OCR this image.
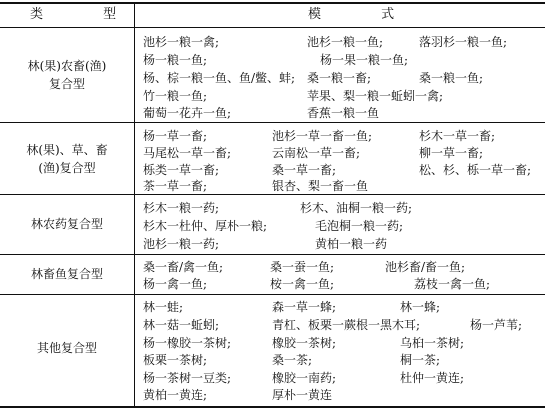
类 型	模 式
林(果)农畜(渔)
复合型
池杉一粮一禽;	池杉一粮一鱼;	落羽杉一粮一鱼;
杨一粮一鱼;	杨一果一粮一鱼;
杨、棕一粮一鱼、鱼/鳖、蚌; 桑一粮一畜;	桑一粮一鱼;
竹一粮一鱼;	苹果、梨一粮一蚯蚓一禽;
葡萄一花卉一鱼;	香蕉一粮一鱼
林(果)、草、畜
(渔)复合型
杨一草一畜;	池杉一草一畜一鱼;	杉木一草一畜;
马尾松一草一畜;	云南松一草一畜;	柳一草一畜;
栎类一草一畜;	桑一草一畜;	松、杉、栎一草一畜;
茶一草一畜;	银杏、梨一畜一鱼
林农药复合型
杉木一粮一药;	杉木、油桐一粮一药;
杉木一杜仲、厚朴一粮;	毛泡桐一粮一药;
池杉一粮一药;	黄柏一粮一药
林畜鱼复合型	桑一畜/禽一鱼;	桑一蚕一鱼;	池杉畜/畜一鱼;
杨一禽一鱼;	桉一禽一鱼;	荔枝一禽一鱼;
其他复合型
林一蛙;	森一草一蜂;	林一蜂;
林一菇一蚯蚓;	青杠、板栗一蕨根一黑木耳;	杨一芦苇;
杨一橡胶一茶树;	橡胶一茶树;	乌桕一茶树;
板栗一茶树;	桑一茶;	桐一茶;
杨一茶树一豆类;	橡胶一南药;	杜仲一黄连;
黄柏一黄连;	厚朴一黄连
